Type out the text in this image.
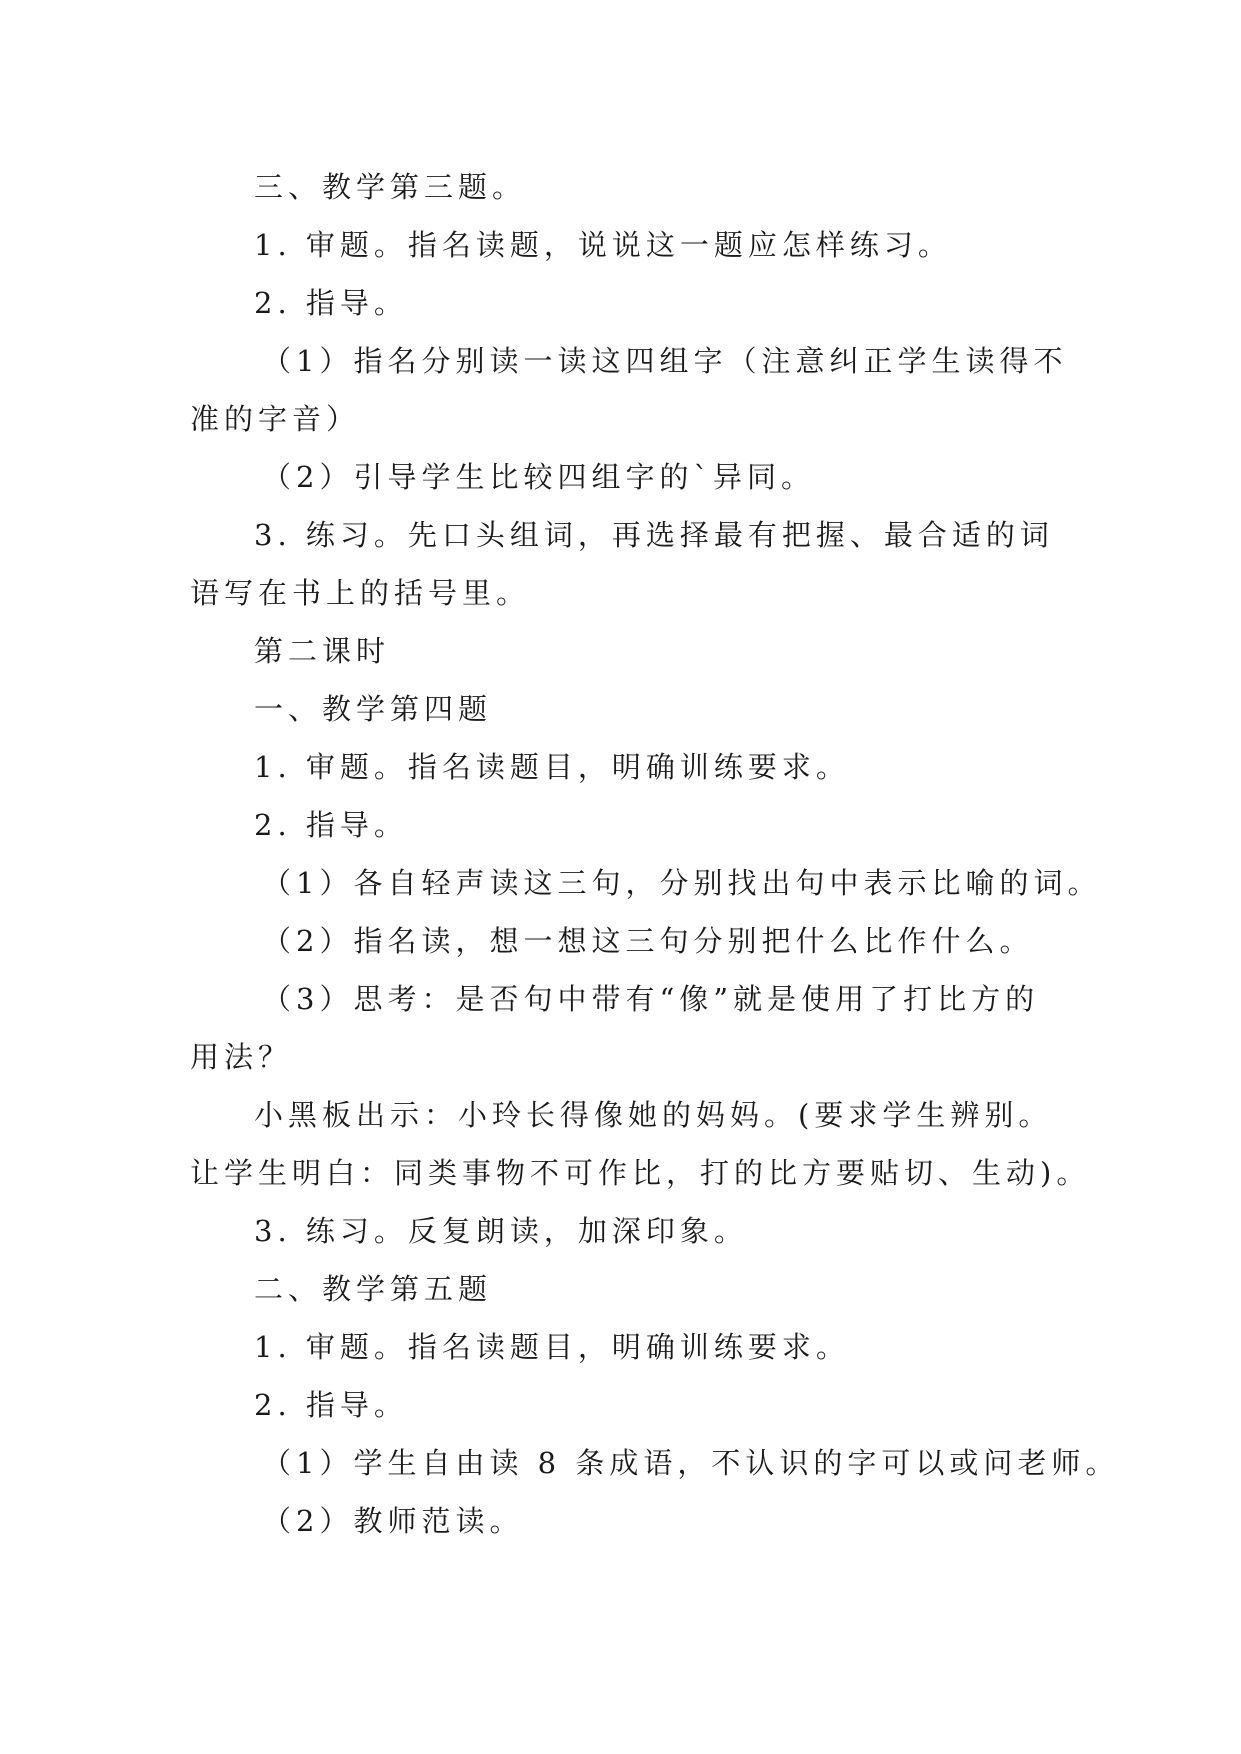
三、教学第三题。

1. 审题。指名读题，说说这一题应怎样练习。

2. 指导。

（1）指名分别读一读这四组字（注意纠正学生读得不

准的字音）

（2）引导学生比较四组字的`异同。

3. 练习。先口头组词，再选择最有把握、最合适的词

语写在书上的括号里。

第二课时

一、教学第四题

1. 审题。指名读题目，明确训练要求。

2. 指导。

（1）各自轻声读这三句，分别找出句中表示比喻的词。

（2）指名读，想一想这三句分别把什么比作什么。

（3）思考：是否句中带有“像”就是使用了打比方的

用法？

小黑板出示：小玲长得像她的妈妈。(要求学生辨别。

让学生明白：同类事物不可作比，打的比方要贴切、生动)。

3. 练习。反复朗读，加深印象。

二、教学第五题

1. 审题。指名读题目，明确训练要求。

2. 指导。

（1）学生自由读 8 条成语，不认识的字可以或问老师。

（2）教师范读。
